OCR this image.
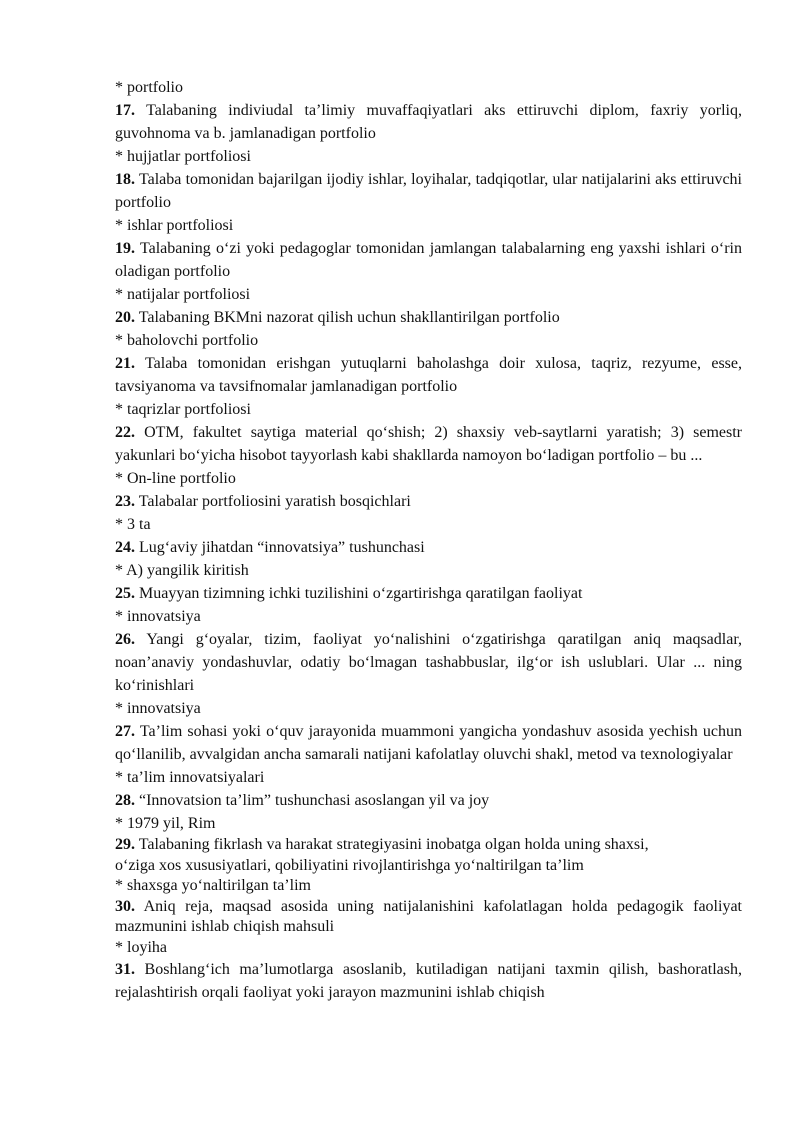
* portfolio

17. Talabaning indiviudal ta’limiy muvaffaqiyatlari aks ettiruvchi diplom, faxriy yorliq, guvohnoma va b. jamlanadigan portfolio

* hujjatlar portfoliosi

18. Talaba tomonidan bajarilgan ijodiy ishlar, loyihalar, tadqiqotlar, ular natijalarini aks ettiruvchi portfolio

* ishlar portfoliosi

19. Talabaning o‘zi yoki pedagoglar tomonidan jamlangan talabalarning eng yaxshi ishlari o‘rin oladigan portfolio

* natijalar portfoliosi

20. Talabaning BKMni nazorat qilish uchun shakllantirilgan portfolio

* baholovchi portfolio

21. Talaba tomonidan erishgan yutuqlarni baholashga doir xulosa, taqriz, rezyume, esse, tavsiyanoma va tavsifnomalar jamlanadigan portfolio

* taqrizlar portfoliosi

22. OTM, fakultet saytiga material qo‘shish; 2) shaxsiy veb-saytlarni yaratish; 3) semestr yakunlari bo‘yicha hisobot tayyorlash kabi shakllarda namoyon bo‘ladigan portfolio – bu ...

* On-line portfolio

23. Talabalar portfoliosini yaratish bosqichlari

* 3 ta

24. Lug‘aviy jihatdan “innovatsiya” tushunchasi

* A) yangilik kiritish

25. Muayyan tizimning ichki tuzilishini o‘zgartirishga qaratilgan faoliyat

* innovatsiya

26. Yangi g‘oyalar, tizim, faoliyat yo‘nalishini o‘zgatirishga qaratilgan aniq maqsadlar, noan’anaviy yondashuvlar, odatiy bo‘lmagan tashabbuslar, ilg‘or ish uslublari. Ular ... ning ko‘rinishlari

* innovatsiya

27. Ta’lim sohasi yoki o‘quv jarayonida muammoni yangicha yondashuv asosida yechish uchun qo‘llanilib, avvalgidan ancha samarali natijani kafolatlay oluvchi shakl, metod va texnologiyalar

* ta’lim innovatsiyalari

28. “Innovatsion ta’lim” tushunchasi asoslangan yil va joy

* 1979 yil, Rim

29. Talabaning fikrlash va harakat strategiyasini inobatga olgan holda uning shaxsi,
o‘ziga xos xususiyatlari, qobiliyatini rivojlantirishga yo‘naltirilgan ta’lim

* shaxsga yo‘naltirilgan ta’lim

30. Aniq reja, maqsad asosida uning natijalanishini kafolatlagan holda pedagogik faoliyat mazmunini ishlab chiqish mahsuli

* loyiha

31. Boshlang‘ich ma’lumotlarga asoslanib, kutiladigan natijani taxmin qilish, bashoratlash, rejalashtirish orqali faoliyat yoki jarayon mazmunini ishlab chiqish
